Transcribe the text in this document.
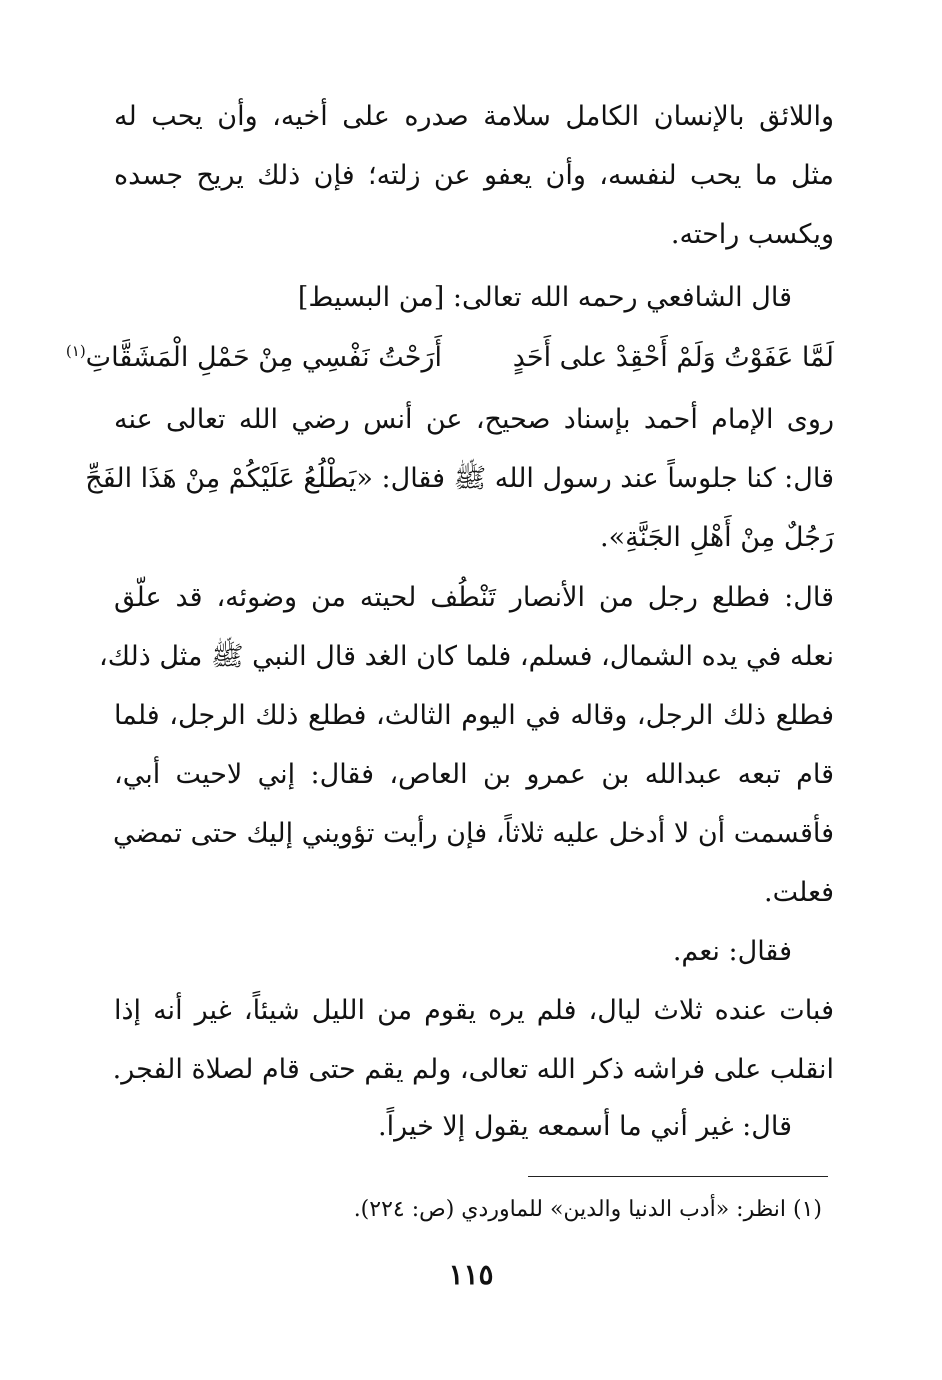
واللائق بالإنسان الكامل سلامة صدره على أخيه، وأن يحب له
مثل ما يحب لنفسه، وأن يعفو عن زلته؛ فإن ذلك يريح جسده
ويكسب راحته.
قال الشافعي رحمه الله تعالى: [من البسيط]
لَمَّا عَفَوْتُ وَلَمْ أَحْقِدْ على أَحَدٍ
أَرَحْتُ نَفْسِي مِنْ حَمْلِ الْمَشَقَّاتِ$^{(١)}$
روى الإمام أحمد بإسناد صحيح، عن أنس رضي الله تعالى عنه
قال: كنا جلوساً عند رسول الله ﷺ فقال: «يَطْلُعُ عَلَيْكُمْ مِنْ هَذَا الفَجِّ
رَجُلٌ مِنْ أَهْلِ الجَنَّةِ».
قال: فطلع رجل من الأنصار تَنْطُف لحيته من وضوئه، قد علّق
نعله في يده الشمال، فسلم، فلما كان الغد قال النبي ﷺ مثل ذلك،
فطلع ذلك الرجل، وقاله في اليوم الثالث، فطلع ذلك الرجل، فلما
قام تبعه عبدالله بن عمرو بن العاص، فقال: إني لاحيت أبي،
فأقسمت أن لا أدخل عليه ثلاثاً، فإن رأيت تؤويني إليك حتى تمضي
فعلت.
فقال: نعم.
فبات عنده ثلاث ليال، فلم يره يقوم من الليل شيئاً، غير أنه إذا
انقلب على فراشه ذكر الله تعالى، ولم يقم حتى قام لصلاة الفجر.
قال: غير أني ما أسمعه يقول إلا خيراً.
(١) انظر: «أدب الدنيا والدين» للماوردي (ص: ٢٢٤).
١١٥
